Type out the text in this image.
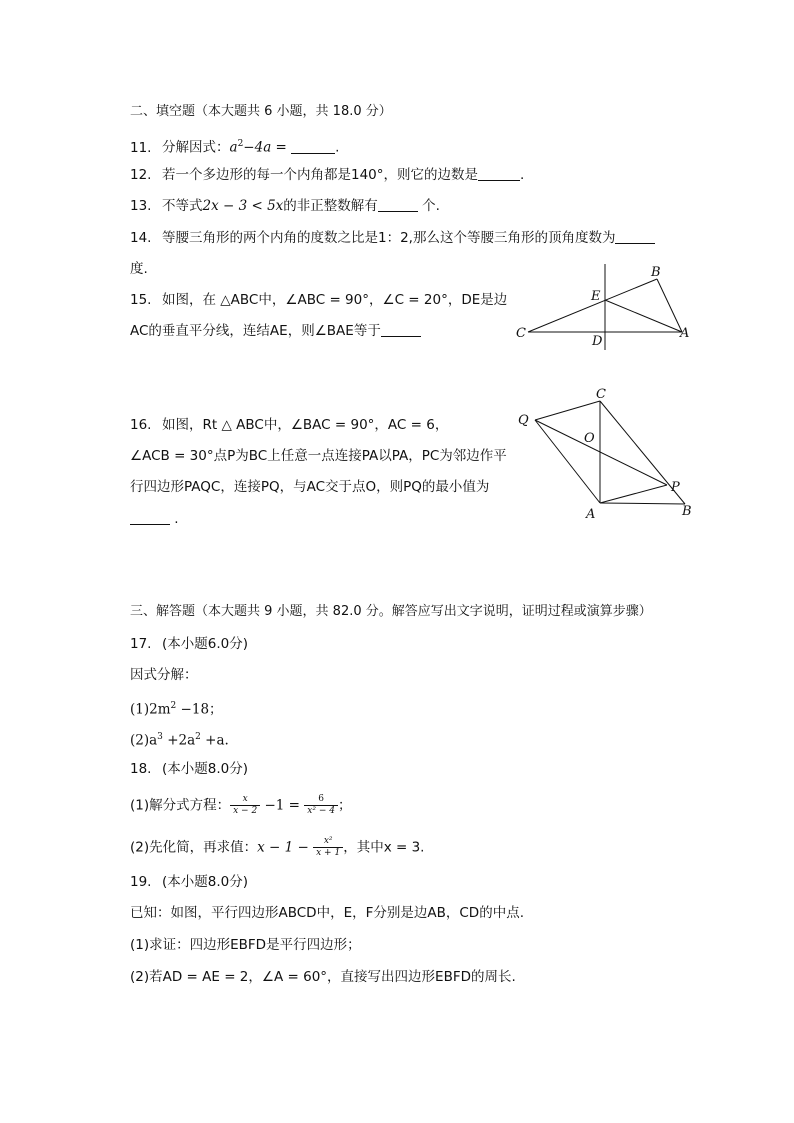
二、填空题（本大题共 6 小题，共 18.0 分）
11. 分解因式：$a^2-4a$ =	.
12. 若一个多边形的每一个内角都是140°，则它的边数是	.
13. 不等式2x − 3 < 5x的非正整数解有	个.
14. 等腰三角形的两个内角的度数之比是1：2,那么这个等腰三角形的顶角度数为
度.
15. 如图，在 △ABC中，∠ABC = 90°，∠C = 20°，DE是边
AC的垂直平分线，连结AE，则∠BAE等于
B
E
C
D
A
16. 如图，Rt △ ABC中，∠BAC = 90°，AC = 6，
∠ACB = 30°点P为BC上任意一点连接PA以PA，PC为邻边作平
行四边形PAQC，连接PQ，与AC交于点O，则PQ的最小值为
.
C
Q
O
P
A	B
三、解答题（本大题共 9 小题，共 82.0 分。解答应写出文字说明，证明过程或演算步骤）
17. (本小题6.0分)
因式分解：
$(1)2m^2 -18$；
$(2)a^3 +2a^2 +a$.
18. (本小题8.0分)
(1)解分式方程： $\frac{x}{x - 2} -1 = \frac{6}{\text{x² − 4}}$ ；
(2)先化简，再求值：$x - 1 - \frac{\text{x²}}{x + 1}$ ，其中x = 3.
19. (本小题8.0分)
已知：如图，平行四边形ABCD中，E，F分别是边AB，CD的中点.
(1)求证：四边形EBFD是平行四边形；
(2)若AD = AE = 2，∠A = 60°，直接写出四边形EBFD的周长.
